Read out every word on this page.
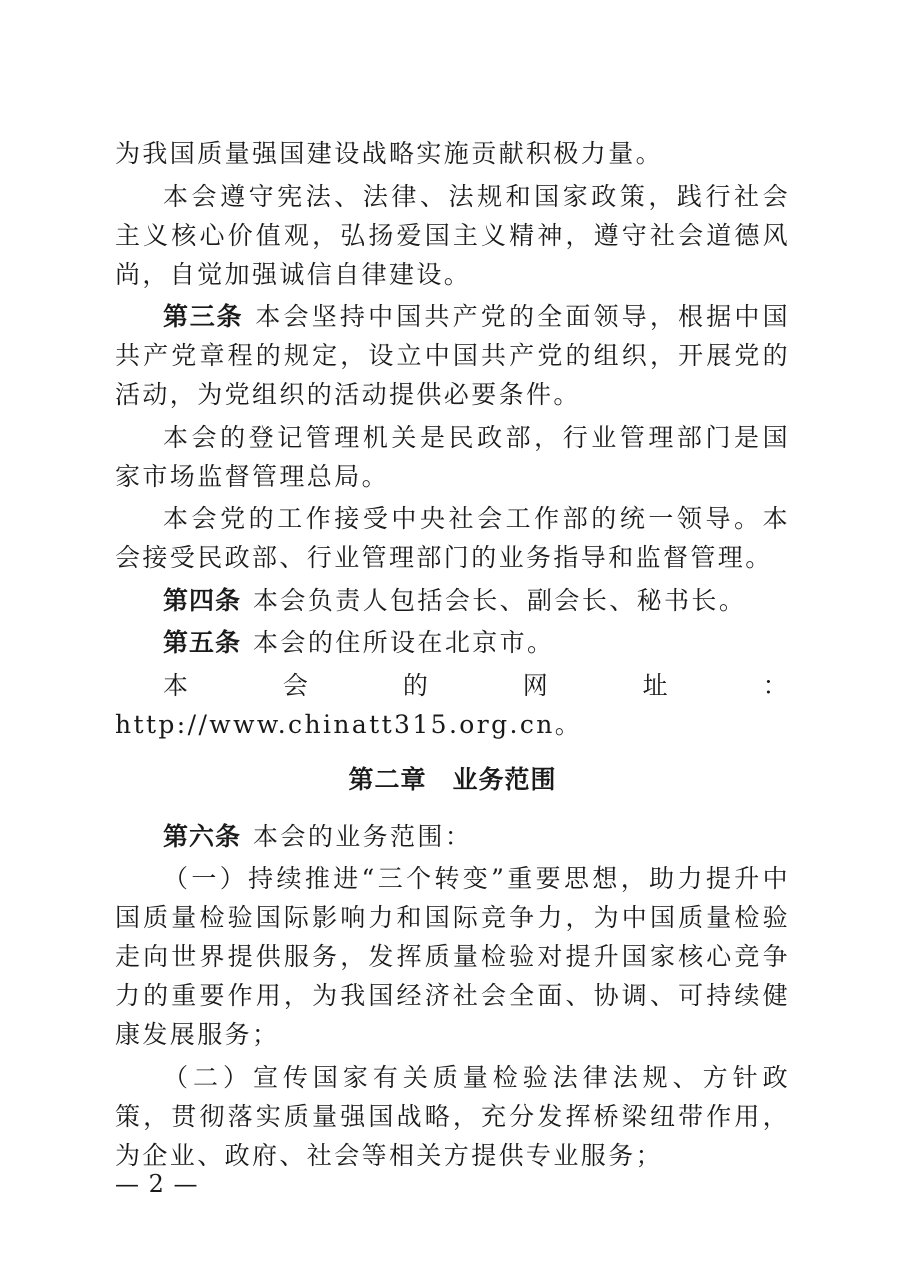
为我国质量强国建设战略实施贡献积极力量。

本会遵守宪法、法律、法规和国家政策，践行社会主义核心价值观，弘扬爱国主义精神，遵守社会道德风尚，自觉加强诚信自律建设。

第三条 本会坚持中国共产党的全面领导，根据中国共产党章程的规定，设立中国共产党的组织，开展党的活动，为党组织的活动提供必要条件。

本会的登记管理机关是民政部，行业管理部门是国家市场监督管理总局。

本会党的工作接受中央社会工作部的统一领导。本会接受民政部、行业管理部门的业务指导和监督管理。

第四条 本会负责人包括会长、副会长、秘书长。

第五条 本会的住所设在北京市。

本会的网址：http://www.chinatt315.org.cn。

第二章　业务范围

第六条 本会的业务范围：

（一）持续推进“三个转变”重要思想，助力提升中国质量检验国际影响力和国际竞争力，为中国质量检验走向世界提供服务，发挥质量检验对提升国家核心竞争力的重要作用，为我国经济社会全面、协调、可持续健康发展服务；

（二）宣传国家有关质量检验法律法规、方针政策，贯彻落实质量强国战略，充分发挥桥梁纽带作用，为企业、政府、社会等相关方提供专业服务；

— 2 —
